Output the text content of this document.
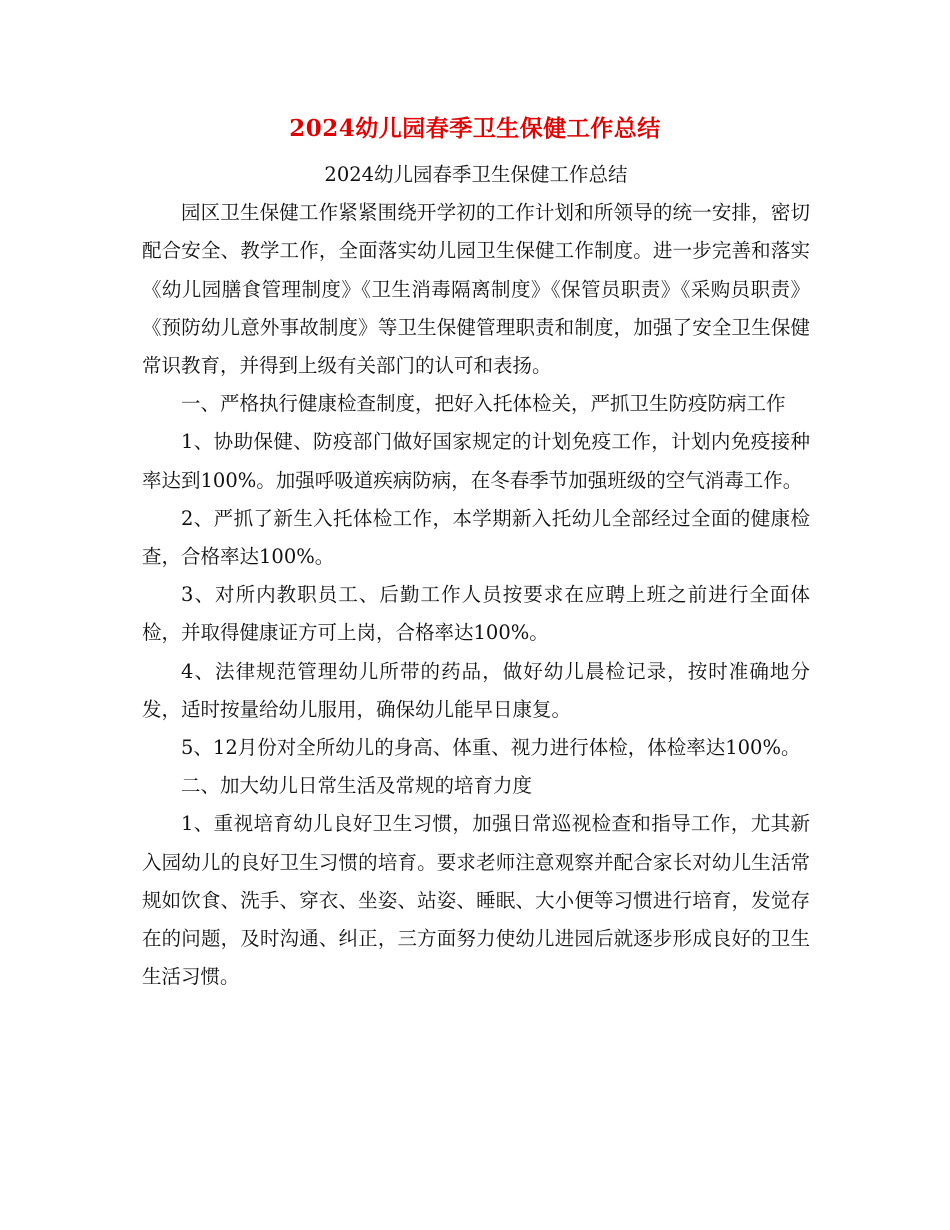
2024幼儿园春季卫生保健工作总结

2024幼儿园春季卫生保健工作总结

园区卫生保健工作紧紧围绕开学初的工作计划和所领导的统一安排，密切配合安全、教学工作，全面落实幼儿园卫生保健工作制度。进一步完善和落实《幼儿园膳食管理制度》《卫生消毒隔离制度》《保管员职责》《采购员职责》《预防幼儿意外事故制度》等卫生保健管理职责和制度，加强了安全卫生保健常识教育，并得到上级有关部门的认可和表扬。

一、严格执行健康检查制度，把好入托体检关，严抓卫生防疫防病工作

1、协助保健、防疫部门做好国家规定的计划免疫工作，计划内免疫接种率达到100%。加强呼吸道疾病防病，在冬春季节加强班级的空气消毒工作。

2、严抓了新生入托体检工作，本学期新入托幼儿全部经过全面的健康检查，合格率达100%。

3、对所内教职员工、后勤工作人员按要求在应聘上班之前进行全面体检，并取得健康证方可上岗，合格率达100%。

4、法律规范管理幼儿所带的药品，做好幼儿晨检记录，按时准确地分发，适时按量给幼儿服用，确保幼儿能早日康复。

5、12月份对全所幼儿的身高、体重、视力进行体检，体检率达100%。

二、加大幼儿日常生活及常规的培育力度

1、重视培育幼儿良好卫生习惯，加强日常巡视检查和指导工作，尤其新入园幼儿的良好卫生习惯的培育。要求老师注意观察并配合家长对幼儿生活常规如饮食、洗手、穿衣、坐姿、站姿、睡眠、大小便等习惯进行培育，发觉存在的问题，及时沟通、纠正，三方面努力使幼儿进园后就逐步形成良好的卫生生活习惯。
